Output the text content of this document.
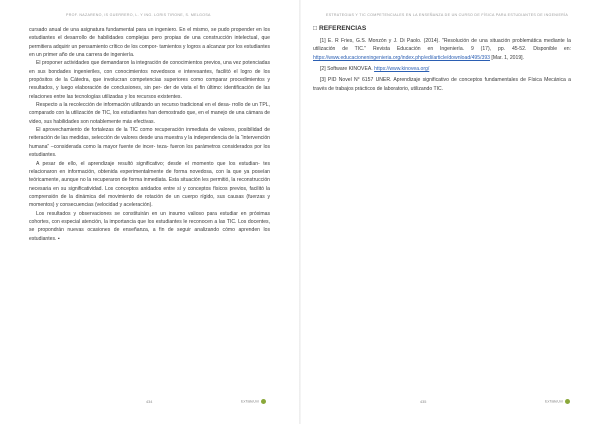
PROF. NAZARENO, IS GUERRERO, L. Y ING. LORIS TIRONE, S. MELGOSA

cursado anual de una asignatura fundamental para un ingeniero. En el mismo, se pudo propender en los estudiantes el desarrollo de habilidades complejas pero propias de una construcción intelectual, que permitiera adquirir un pensamiento crítico de los compor- tamientos y logros a alcanzar por los estudiantes en un primer año de una carrera de ingeniería.

El proponer actividades que demandaron la integración de conocimientos previos, una vez potenciadas en sus bondades ingenieriles, con conocimientos novedosos e interesantes, facilitó el logro de los propósitos de la Cátedra, que involucran competencias superiores como comparar procedimientos y resultados, y luego elaboración de conclusiones, sin per- der de vista el fin último: identificación de las relaciones entre las tecnologías utilizadas y los recursos existentes.

Respecto a la recolección de información utilizando un recurso tradicional en el desa- rrollo de un TPL, comparado con la utilización de TIC, los estudiantes han demostrado que, en el manejo de una cámara de video, sus habilidades son notablemente más efectivas.

El aprovechamiento de fortalezas de la TIC como recuperación inmediata de valores, posibilidad de reiteración de las medidas, selección de valores desde una muestra y la independencia de la “intervención humana” –considerada como la mayor fuente de incer- teza- fueron los parámetros considerados por los estudiantes.

A pesar de ello, el aprendizaje resultó significativo; desde el momento que los estudian- tes relacionaron en información, obtenida experimentalmente de forma novedosa, con la que ya poseían teóricamente, aunque no la recuperaron de forma inmediata. Esta situación les permitió, la reconstrucción necesaria en su significatividad. Los conceptos anidados entre sí y conceptos físicos previos, facilitó la comprensión de la dinámica del movimiento de rotación de un cuerpo rígido, sus causas (fuerzas y momentos) y consecuencias (velocidad y aceleración).

Los resultados y observaciones se constituirán en un insumo valioso para estudiar en próximas cohortes, con especial atención, la importancia que los estudiantes le reconocen a las TIC. Los docentes, se propondrán nuevas ocasiones de enseñanza, a fin de seguir analizando cómo aprenden los estudiantes. ▪

434	ExTalleUni
ESTRATEGIAS Y TIC COMPETENCIALES EN LA ENSEÑANZA DE UN CURSO DE FÍSICA PARA ESTUDIANTES DE INGENIERÍA
□ REFERENCIAS

[1] E. R Fries, G.S. Monzón y J. Di Paolo. (2014). "Resolución de una situación problemática mediante la utilización de TIC." Revista Educación en Ingeniería. 9 (17), pp. 45-52. Disponible en: https://www.educacioneningenieria.org/index.php/edi/article/download/495/393 [Mar. 1, 2019].

[2] Software KINOVEA. https://www.kinovea.org/

[3] PID Novel N° 6157 UNER. Aprendizaje significativo de conceptos fundamentales de Física Mecánica a través de trabajos prácticos de laboratorio, utilizando TIC.

435	ExTalleUni
